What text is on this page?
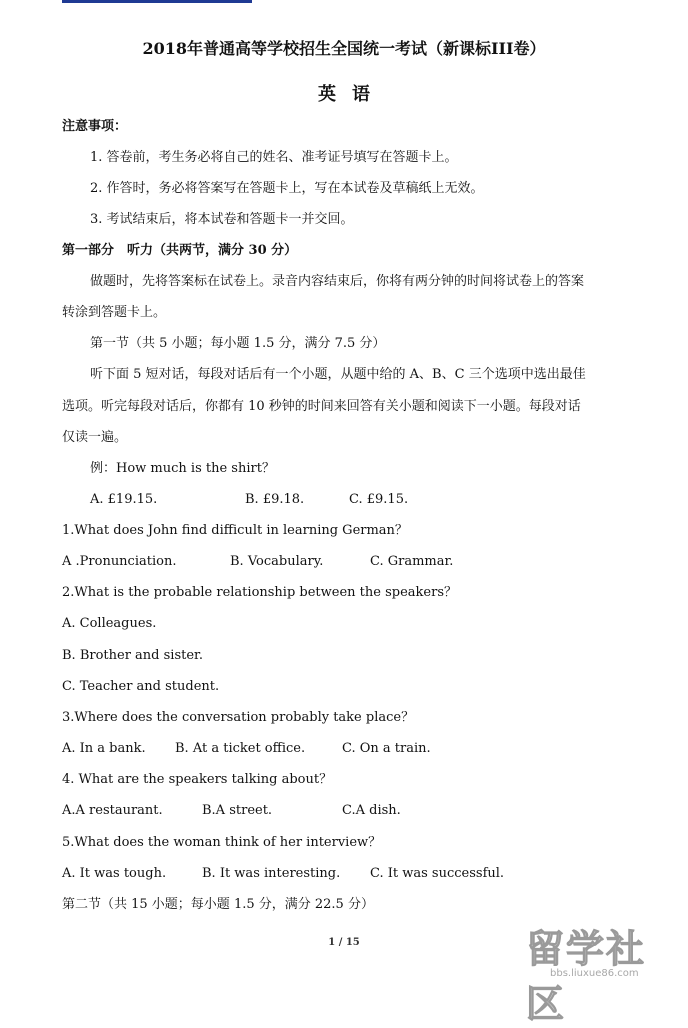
2018年普通高等学校招生全国统一考试（新课标III卷）
英语
注意事项：
1. 答卷前，考生务必将自己的姓名、准考证号填写在答题卡上。
2. 作答时，务必将答案写在答题卡上，写在本试卷及草稿纸上无效。
3. 考试结束后，将本试卷和答题卡一并交回。
第一部分　听力（共两节，满分 30 分）
做题时，先将答案标在试卷上。录音内容结束后，你将有两分钟的时间将试卷上的答案
转涂到答题卡上。
第一节（共 5 小题；每小题 1.5 分，满分 7.5 分）
听下面 5 短对话，每段对话后有一个小题，从题中给的 A、B、C 三个选项中选出最佳
选项。听完每段对话后，你都有 10 秒钟的时间来回答有关小题和阅读下一小题。每段对话
仅读一遍。
例：How much is the shirt？
A. £19.15.	B. £9.18.	C. £9.15.
1.What does John find difficult in learning German？
A .Pronunciation.	B. Vocabulary.	C. Grammar.
2.What is the probable relationship between the speakers？
A. Colleagues.
B. Brother and sister.
C. Teacher and student.
3.Where does the conversation probably take place？
A. In a bank. B. At a ticket office.	C. On a train.
4. What are the speakers talking about？
A.A restaurant.	B.A street.	C.A dish.
5.What does the woman think of her interview？
A. It was tough.	B. It was interesting. C. It was successful.
第二节（共 15 小题；每小题 1.5 分，满分 22.5 分）
1 / 15	留学社区
bbs.liuxue86.com
